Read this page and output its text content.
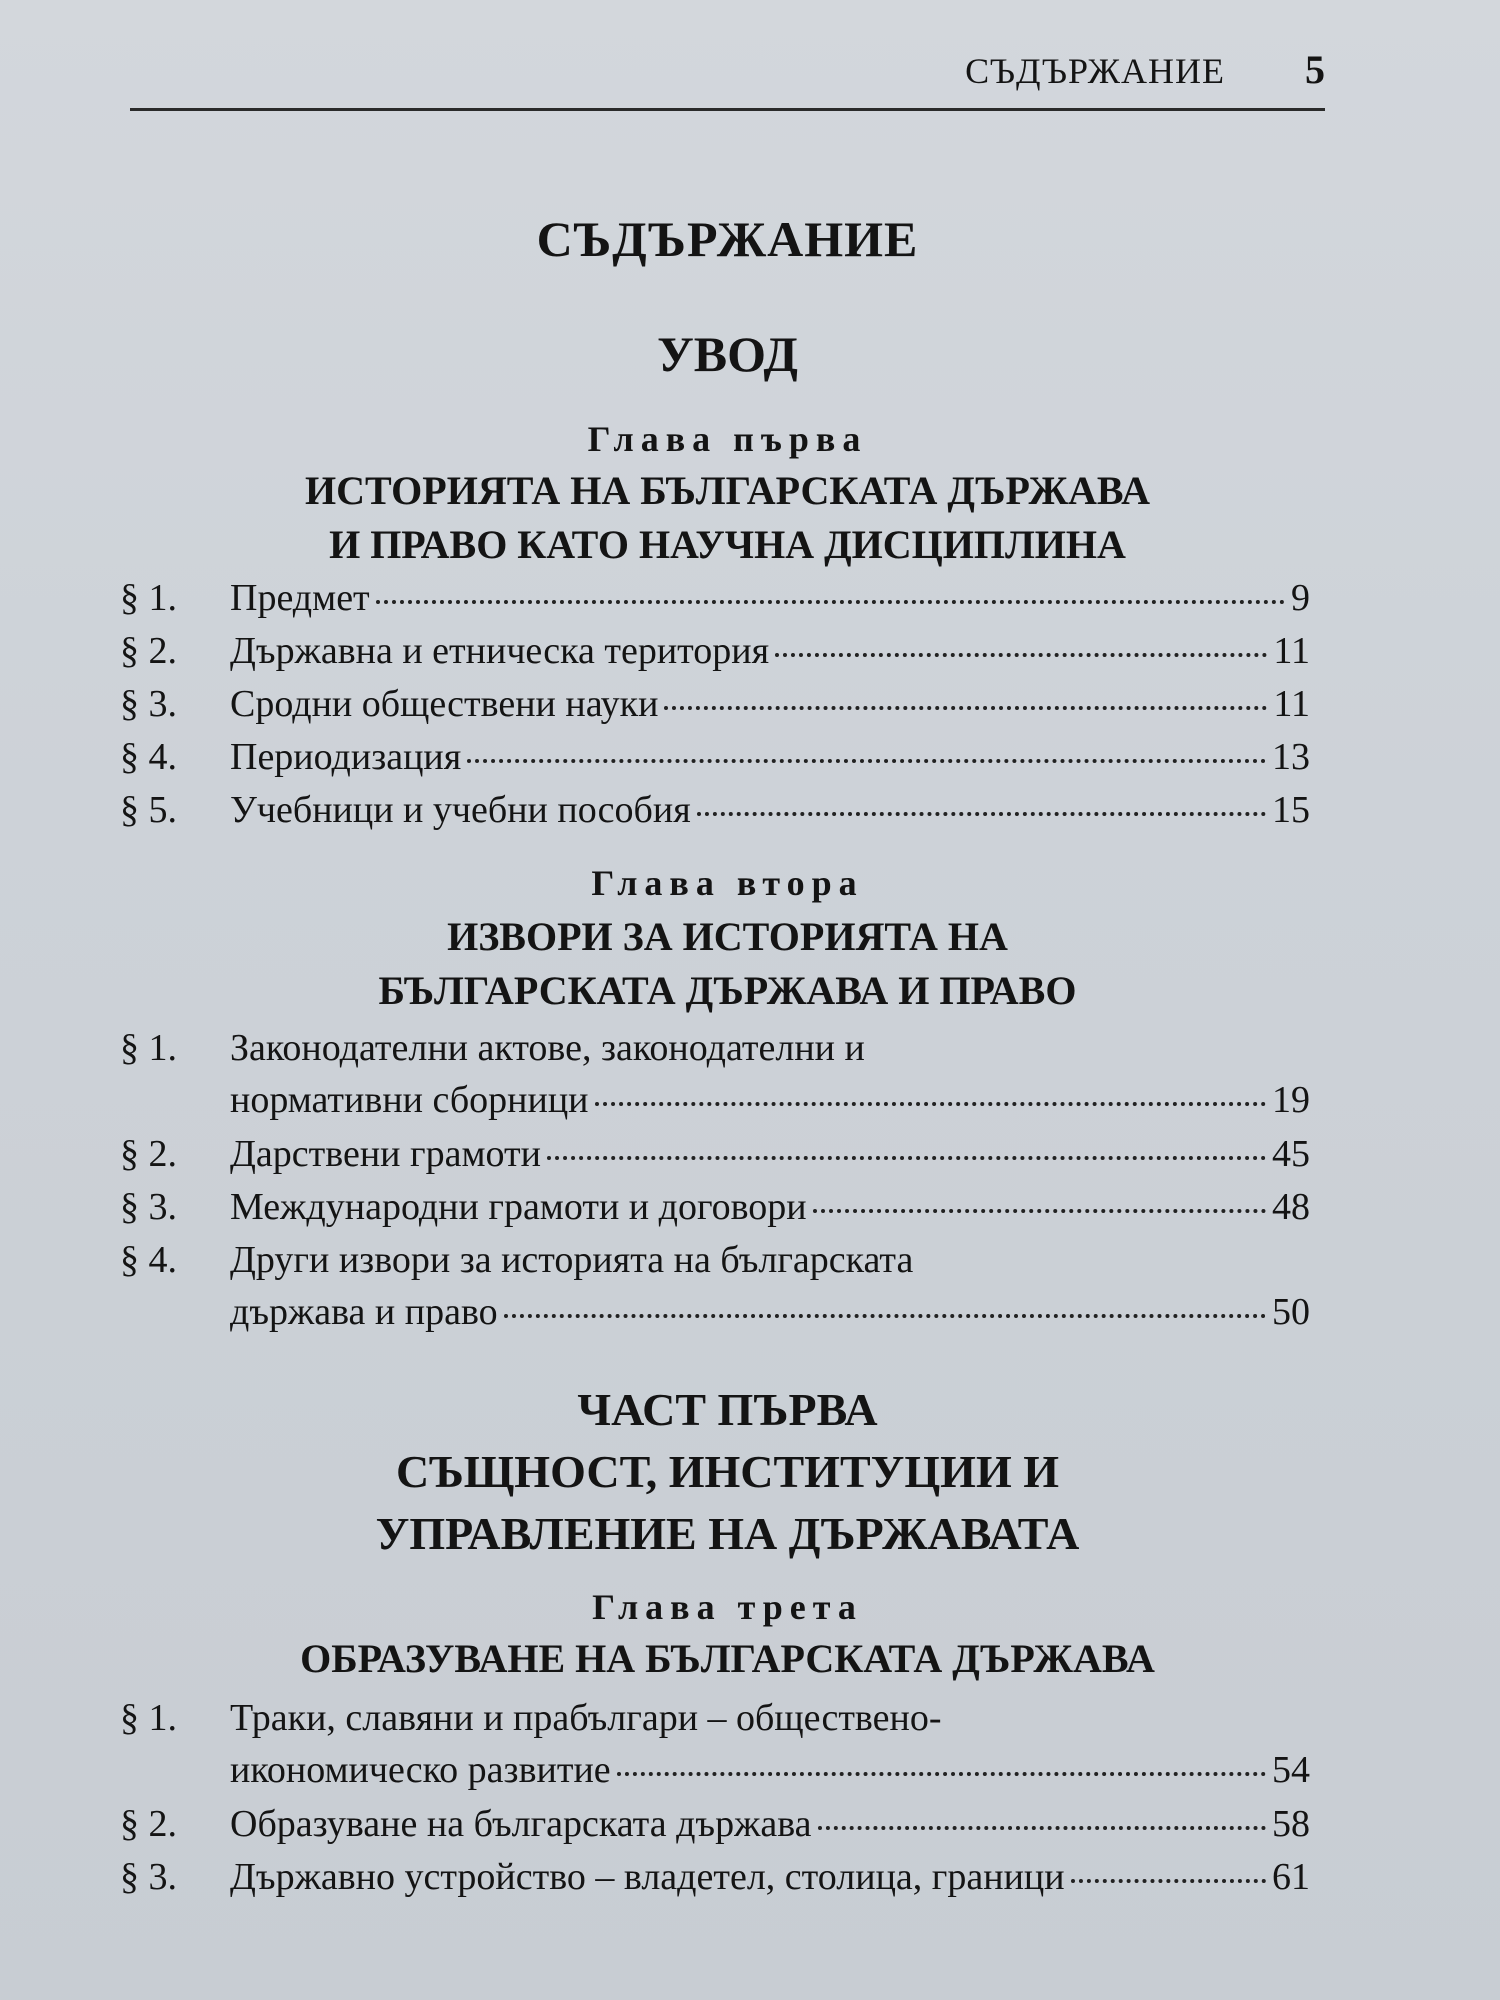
СЪДЪРЖАНИЕ 5
СЪДЪРЖАНИЕ
УВОД
Глава първа
ИСТОРИЯТА НА БЪЛГАРСКАТА ДЪРЖАВА
И ПРАВО КАТО НАУЧНА ДИСЦИПЛИНА
§ 1.	Предмет	9
§ 2.	Държавна и етническа територия	11
§ 3.	Сродни обществени науки	11
§ 4.	Периодизация	13
§ 5.	Учебници и учебни пособия	15
Глава втора
ИЗВОРИ ЗА ИСТОРИЯТА НА
БЪЛГАРСКАТА ДЪРЖАВА И ПРАВО
§ 1.	Законодателни актове, законодателни и
нормативни сборници	19
§ 2.	Дарствени грамоти	45
§ 3.	Международни грамоти и договори	48
§ 4.	Други извори за историята на българската
държава и право	50
ЧАСТ ПЪРВА
СЪЩНОСТ, ИНСТИТУЦИИ И
УПРАВЛЕНИЕ НА ДЪРЖАВАТА
Глава трета
ОБРАЗУВАНЕ НА БЪЛГАРСКАТА ДЪРЖАВА
§ 1.	Траки, славяни и прабългари – обществено-
икономическо развитие	54
§ 2.	Образуване на българската държава	58
§ 3.	Държавно устройство – владетел, столица, граници	61
